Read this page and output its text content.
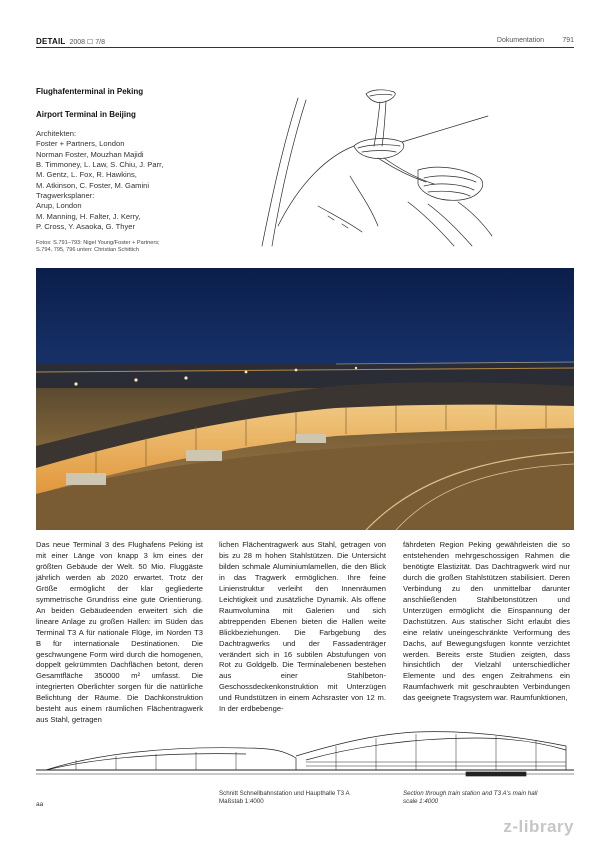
DETAIL 2008 ☐ 7/8	Dokumentation	791
Flughafenterminal in Peking
Airport Terminal in Beijing
Architekten:
Foster + Partners, London
Norman Foster, Mouzhan Majidi
B. Timmoney, L. Law, S. Chiu, J. Parr,
M. Gentz, L. Fox, R. Hawkins,
M. Atkinson, C. Foster, M. Gamini
Tragwerksplaner:
Arup, London
M. Manning, H. Falter, J. Kerry,
P. Cross, Y. Asaoka, G. Thyer
Fotos: S.791–793: Nigel Young/Foster + Partners;
S.794, 795, 796 unten: Christian Schittich
Das neue Terminal 3 des Flughafens Peking ist mit einer Länge von knapp 3 km eines der größten Gebäude der Welt. 50 Mio. Fluggäste jährlich werden ab 2020 erwartet. Trotz der Größe ermöglicht der klar gegliederte symmetrische Grundriss eine gute Orientierung. An beiden Gebäudeenden erweitert sich die lineare Anlage zu großen Hallen: im Süden das Terminal T3 A für nationale Flüge, im Norden T3 B für internationale Destinationen. Die geschwungene Form wird durch die homogenen, doppelt gekrümmten Dachflächen betont, deren Gesamtfläche 350000 m² umfasst. Die integrierten Oberlichter sorgen für die natürliche Belichtung der Räume. Die Dachkonstruktion besteht aus einem räumlichen Flächentragwerk aus Stahl, getragen
lichen Flächentragwerk aus Stahl, getragen von bis zu 28 m hohen Stahlstützen. Die Untersicht bilden schmale Aluminiumlamellen, die den Blick in das Tragwerk ermöglichen. Ihre feine Linienstruktur verleiht den Innenräumen Leichtigkeit und zusätzliche Dynamik. Als offene Raumvolumina mit Galerien und sich abtreppenden Ebenen bieten die Hallen weite Blickbeziehungen. Die Farbgebung des Dachtragwerks und der Fassadenträger verändert sich in 16 subtilen Abstufungen von Rot zu Goldgelb. Die Terminalebenen bestehen aus einer Stahlbeton-Geschossdeckenkonstruktion mit Unterzügen und Rundstützen in einem Achsraster von 12 m. In der erdbebenge-
fährdeten Region Peking gewährleisten die so entstehenden mehrgeschossigen Rahmen die benötigte Elastizität. Das Dachtragwerk wird nur durch die großen Stahlstützen stabilisiert. Deren Verbindung zu den unmittelbar darunter anschließenden Stahlbetonstützen und Unterzügen ermöglicht die Einspannung der Dachstützen. Aus statischer Sicht erlaubt dies eine relativ uneingeschränkte Verformung des Dachs, auf Bewegungsfugen konnte verzichtet werden. Bereits erste Studien zeigten, dass hinsichtlich der Vielzahl unterschiedlicher Elemente und des engen Zeitrahmens ein Raumfachwerk mit geschraubten Verbindungen das geeignete Tragsystem war. Raumfunktionen,
aa
Schnitt Schnellbahnstation und Haupthalle T3 A
Maßstab 1:4000
Section through train station and T3 A's main hall
scale 1:4000
z-library
